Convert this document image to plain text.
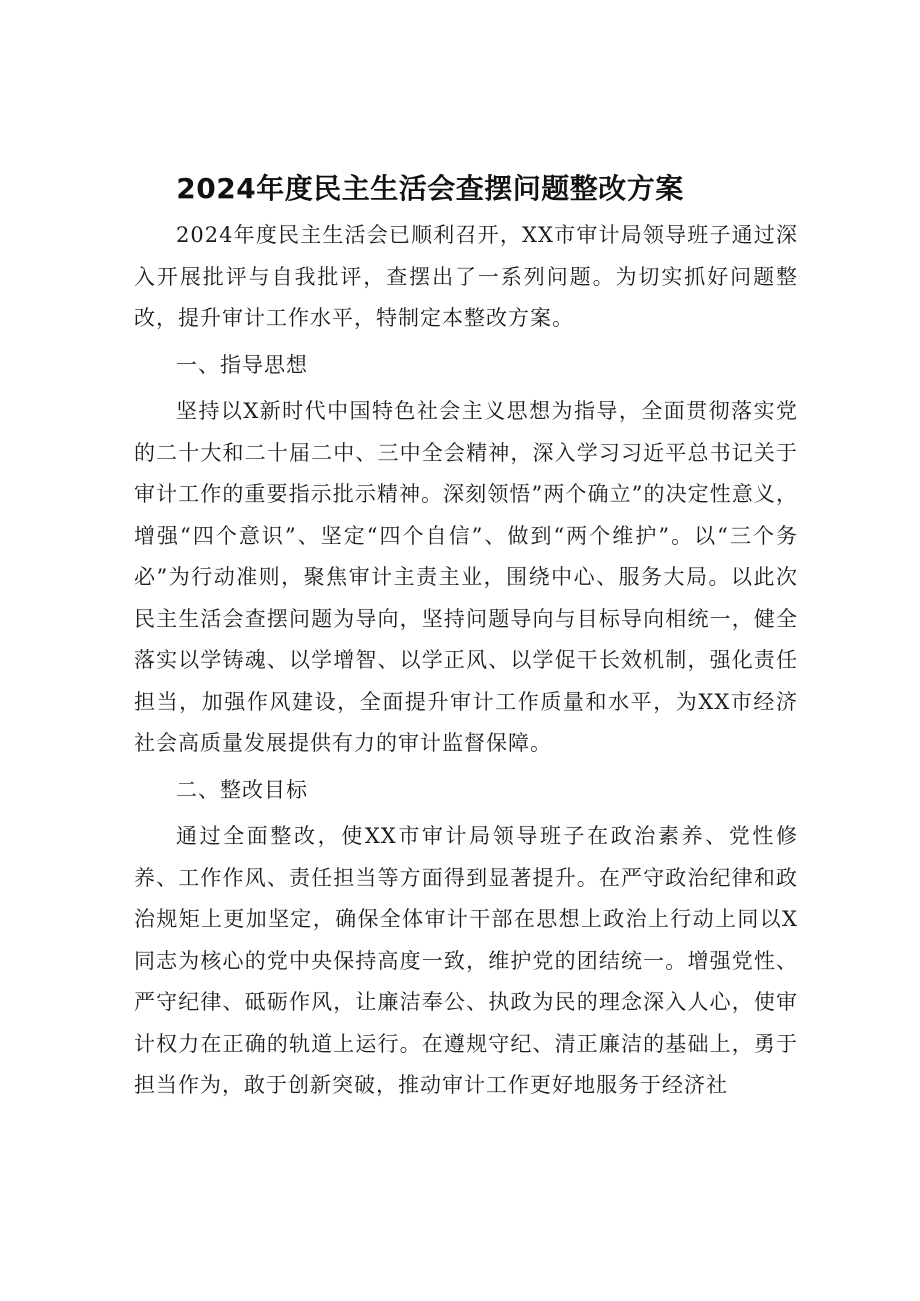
2024年度民主生活会查摆问题整改方案

2024年度民主生活会已顺利召开，XX市审计局领导班子通过深入开展批评与自我批评，查摆出了一系列问题。为切实抓好问题整改，提升审计工作水平，特制定本整改方案。

一、指导思想

坚持以X新时代中国特色社会主义思想为指导，全面贯彻落实党的二十大和二十届二中、三中全会精神，深入学习习近平总书记关于审计工作的重要指示批示精神。深刻领悟”两个确立”的决定性意义，增强“四个意识”、坚定“四个自信”、做到“两个维护”。以“三个务必”为行动准则，聚焦审计主责主业，围绕中心、服务大局。以此次民主生活会查摆问题为导向，坚持问题导向与目标导向相统一，健全落实以学铸魂、以学增智、以学正风、以学促干长效机制，强化责任担当，加强作风建设，全面提升审计工作质量和水平，为XX市经济社会高质量发展提供有力的审计监督保障。

二、整改目标

通过全面整改，使XX市审计局领导班子在政治素养、党性修养、工作作风、责任担当等方面得到显著提升。在严守政治纪律和政治规矩上更加坚定，确保全体审计干部在思想上政治上行动上同以X同志为核心的党中央保持高度一致，维护党的团结统一。增强党性、严守纪律、砥砺作风，让廉洁奉公、执政为民的理念深入人心，使审计权力在正确的轨道上运行。在遵规守纪、清正廉洁的基础上，勇于担当作为，敢于创新突破，推动审计工作更好地服务于经济社
